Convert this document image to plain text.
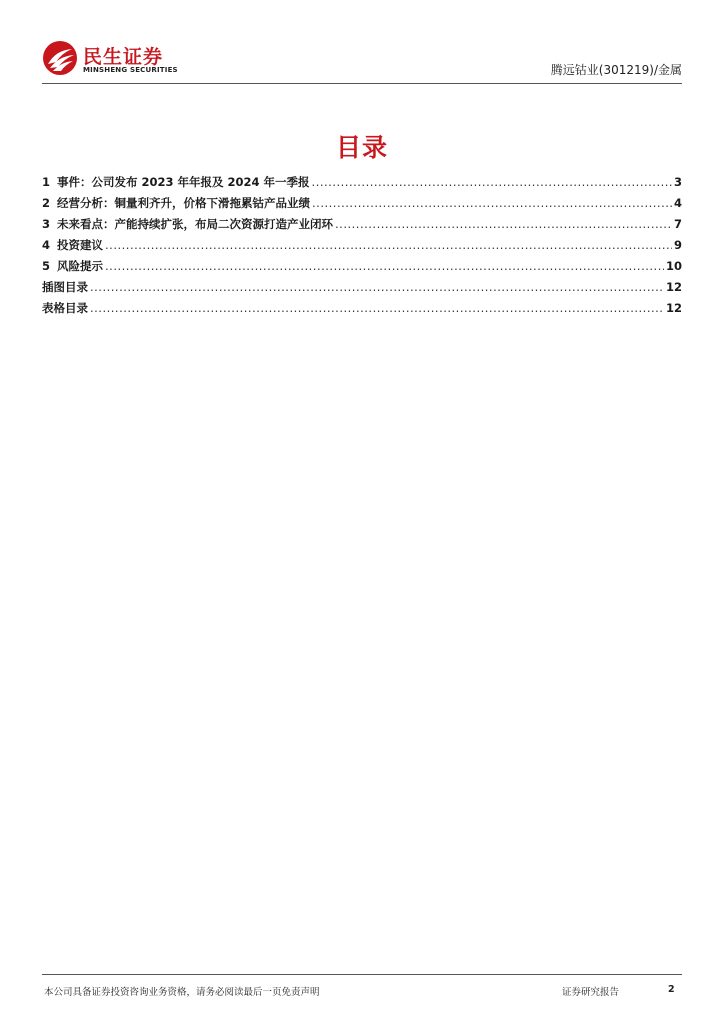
民生证券
MINSHENG SECURITIES	腾远钴业(301219)/金属
目录
1 事件：公司发布 2023 年年报及 2024 年一季报 .....	3
2 经营分析：铜量利齐升，价格下滑拖累钴产品业绩 .....	4
3 未来看点：产能持续扩张，布局二次资源打造产业闭环 .....	7
4 投资建议 .....	9
5 风险提示 .....	10
插图目录 .....	12
表格目录 .....	12
本公司具备证券投资咨询业务资格，请务必阅读最后一页免责声明	证券研究报告	2
